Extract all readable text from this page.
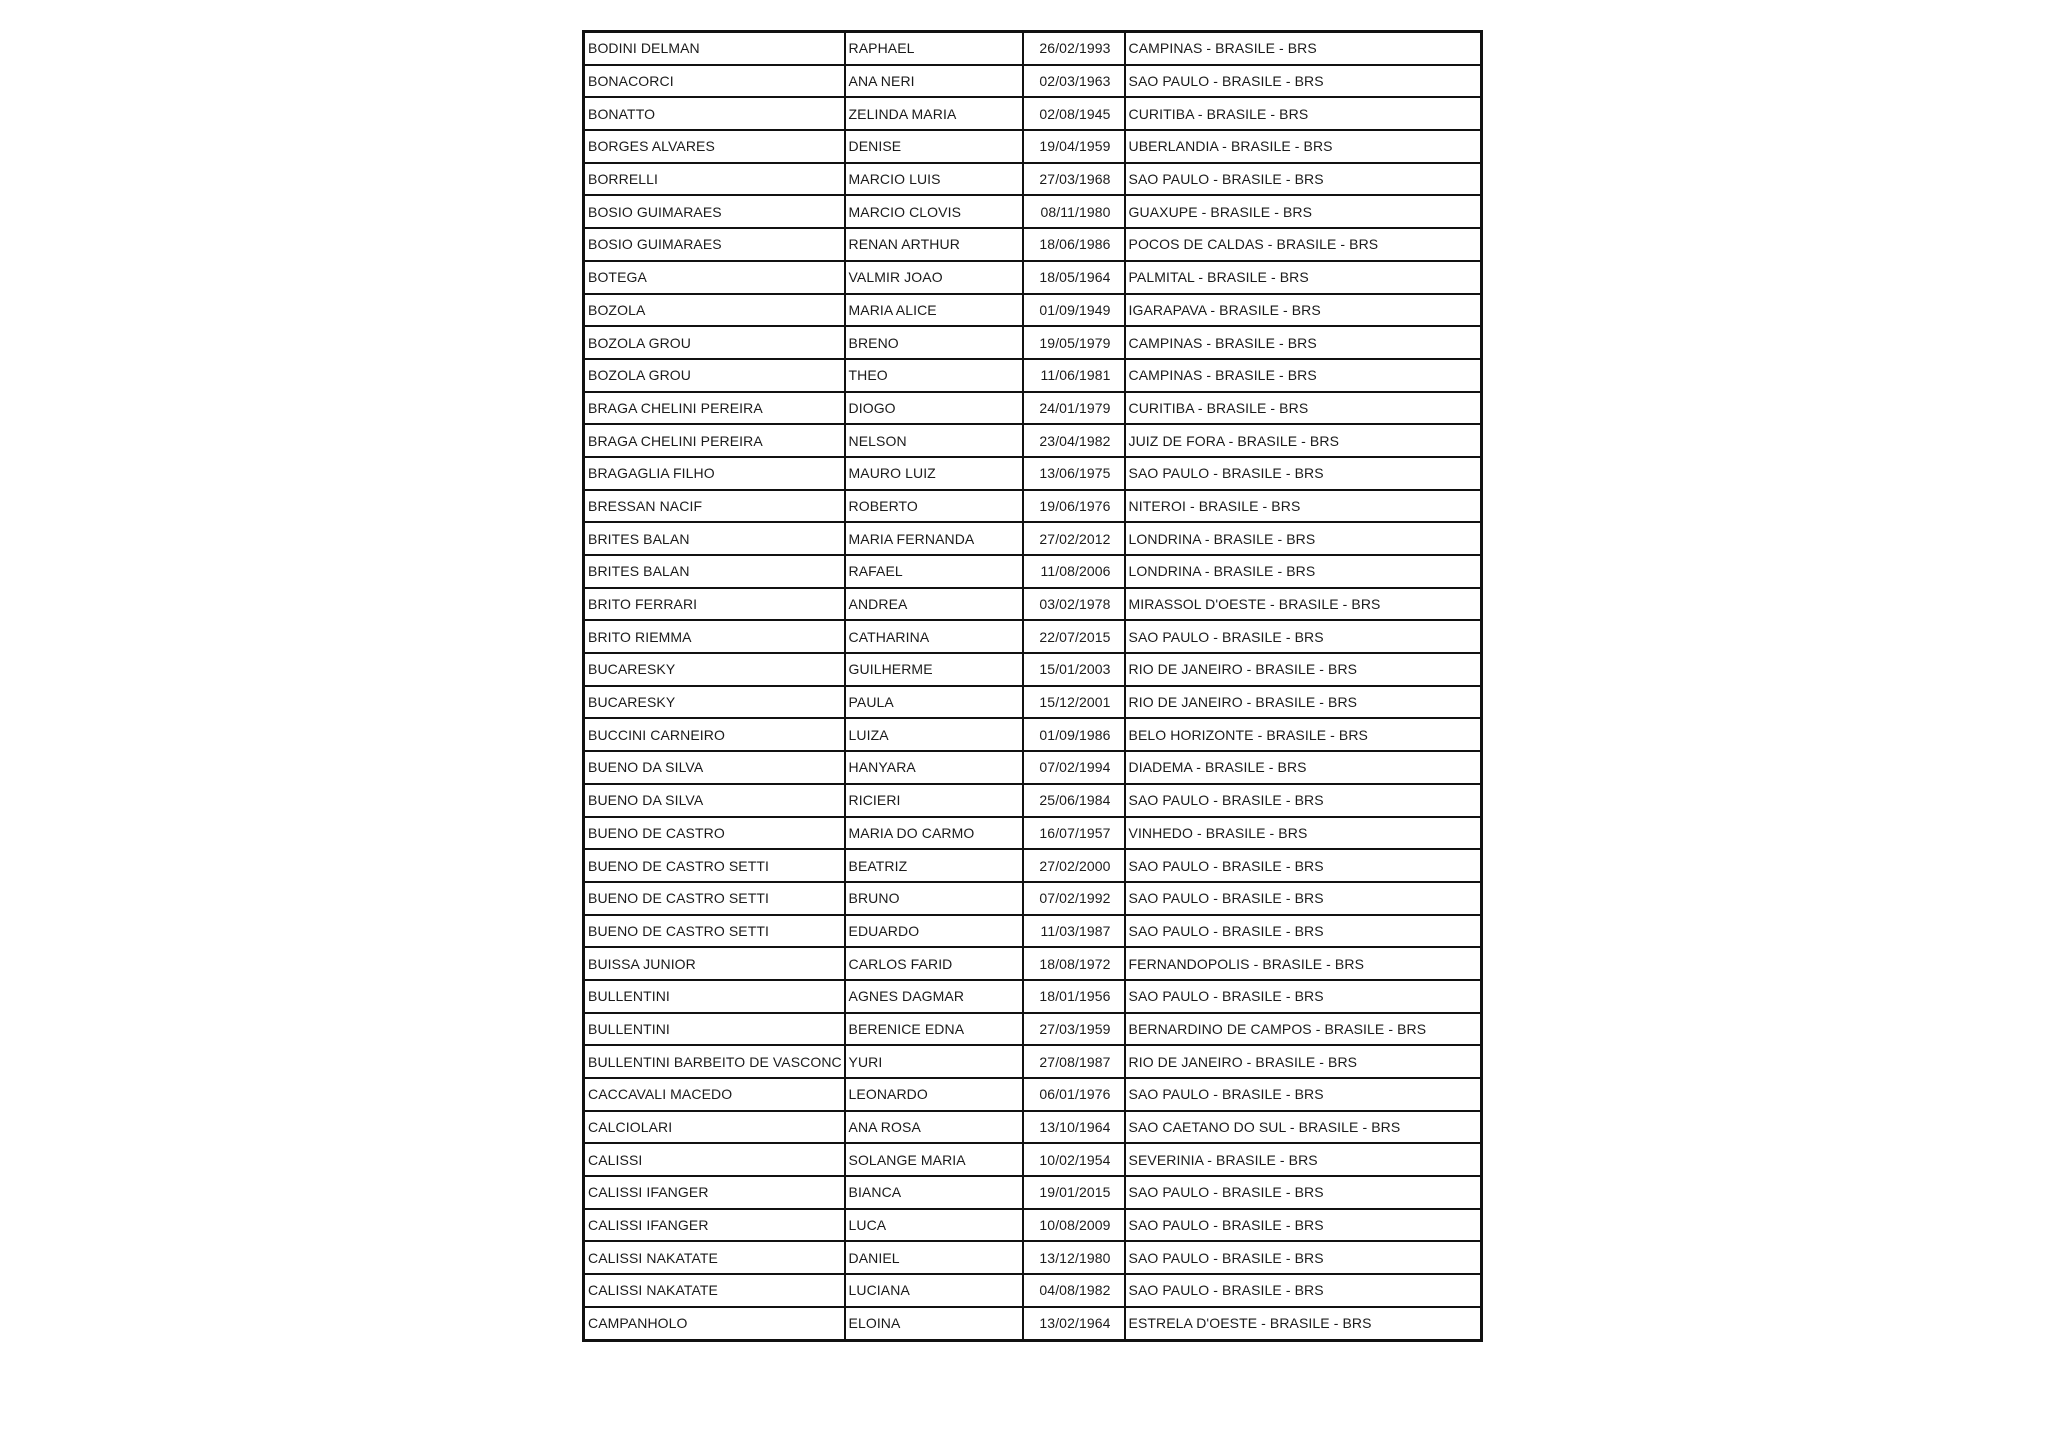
BODINI DELMAN	RAPHAEL	26/02/1993	CAMPINAS - BRASILE - BRS
BONACORCI	ANA NERI	02/03/1963	SAO PAULO - BRASILE - BRS
BONATTO	ZELINDA MARIA	02/08/1945	CURITIBA - BRASILE - BRS
BORGES ALVARES	DENISE	19/04/1959	UBERLANDIA - BRASILE - BRS
BORRELLI	MARCIO LUIS	27/03/1968	SAO PAULO - BRASILE - BRS
BOSIO GUIMARAES	MARCIO CLOVIS	08/11/1980	GUAXUPE - BRASILE - BRS
BOSIO GUIMARAES	RENAN ARTHUR	18/06/1986	POCOS DE CALDAS - BRASILE - BRS
BOTEGA	VALMIR JOAO	18/05/1964	PALMITAL - BRASILE - BRS
BOZOLA	MARIA ALICE	01/09/1949	IGARAPAVA - BRASILE - BRS
BOZOLA GROU	BRENO	19/05/1979	CAMPINAS - BRASILE - BRS
BOZOLA GROU	THEO	11/06/1981	CAMPINAS - BRASILE - BRS
BRAGA CHELINI PEREIRA	DIOGO	24/01/1979	CURITIBA - BRASILE - BRS
BRAGA CHELINI PEREIRA	NELSON	23/04/1982	JUIZ DE FORA - BRASILE - BRS
BRAGAGLIA FILHO	MAURO LUIZ	13/06/1975	SAO PAULO - BRASILE - BRS
BRESSAN NACIF	ROBERTO	19/06/1976	NITEROI - BRASILE - BRS
BRITES BALAN	MARIA FERNANDA	27/02/2012	LONDRINA - BRASILE - BRS
BRITES BALAN	RAFAEL	11/08/2006	LONDRINA - BRASILE - BRS
BRITO FERRARI	ANDREA	03/02/1978	MIRASSOL D'OESTE - BRASILE - BRS
BRITO RIEMMA	CATHARINA	22/07/2015	SAO PAULO - BRASILE - BRS
BUCARESKY	GUILHERME	15/01/2003	RIO DE JANEIRO - BRASILE - BRS
BUCARESKY	PAULA	15/12/2001	RIO DE JANEIRO - BRASILE - BRS
BUCCINI CARNEIRO	LUIZA	01/09/1986	BELO HORIZONTE - BRASILE - BRS
BUENO DA SILVA	HANYARA	07/02/1994	DIADEMA - BRASILE - BRS
BUENO DA SILVA	RICIERI	25/06/1984	SAO PAULO - BRASILE - BRS
BUENO DE CASTRO	MARIA DO CARMO	16/07/1957	VINHEDO - BRASILE - BRS
BUENO DE CASTRO SETTI	BEATRIZ	27/02/2000	SAO PAULO - BRASILE - BRS
BUENO DE CASTRO SETTI	BRUNO	07/02/1992	SAO PAULO - BRASILE - BRS
BUENO DE CASTRO SETTI	EDUARDO	11/03/1987	SAO PAULO - BRASILE - BRS
BUISSA JUNIOR	CARLOS FARID	18/08/1972	FERNANDOPOLIS - BRASILE - BRS
BULLENTINI	AGNES DAGMAR	18/01/1956	SAO PAULO - BRASILE - BRS
BULLENTINI	BERENICE EDNA	27/03/1959	BERNARDINO DE CAMPOS - BRASILE - BRS
BULLENTINI BARBEITO DE VASCONC	YURI	27/08/1987	RIO DE JANEIRO - BRASILE - BRS
CACCAVALI MACEDO	LEONARDO	06/01/1976	SAO PAULO - BRASILE - BRS
CALCIOLARI	ANA ROSA	13/10/1964	SAO CAETANO DO SUL - BRASILE - BRS
CALISSI	SOLANGE MARIA	10/02/1954	SEVERINIA - BRASILE - BRS
CALISSI IFANGER	BIANCA	19/01/2015	SAO PAULO - BRASILE - BRS
CALISSI IFANGER	LUCA	10/08/2009	SAO PAULO - BRASILE - BRS
CALISSI NAKATATE	DANIEL	13/12/1980	SAO PAULO - BRASILE - BRS
CALISSI NAKATATE	LUCIANA	04/08/1982	SAO PAULO - BRASILE - BRS
CAMPANHOLO	ELOINA	13/02/1964	ESTRELA D'OESTE - BRASILE - BRS
